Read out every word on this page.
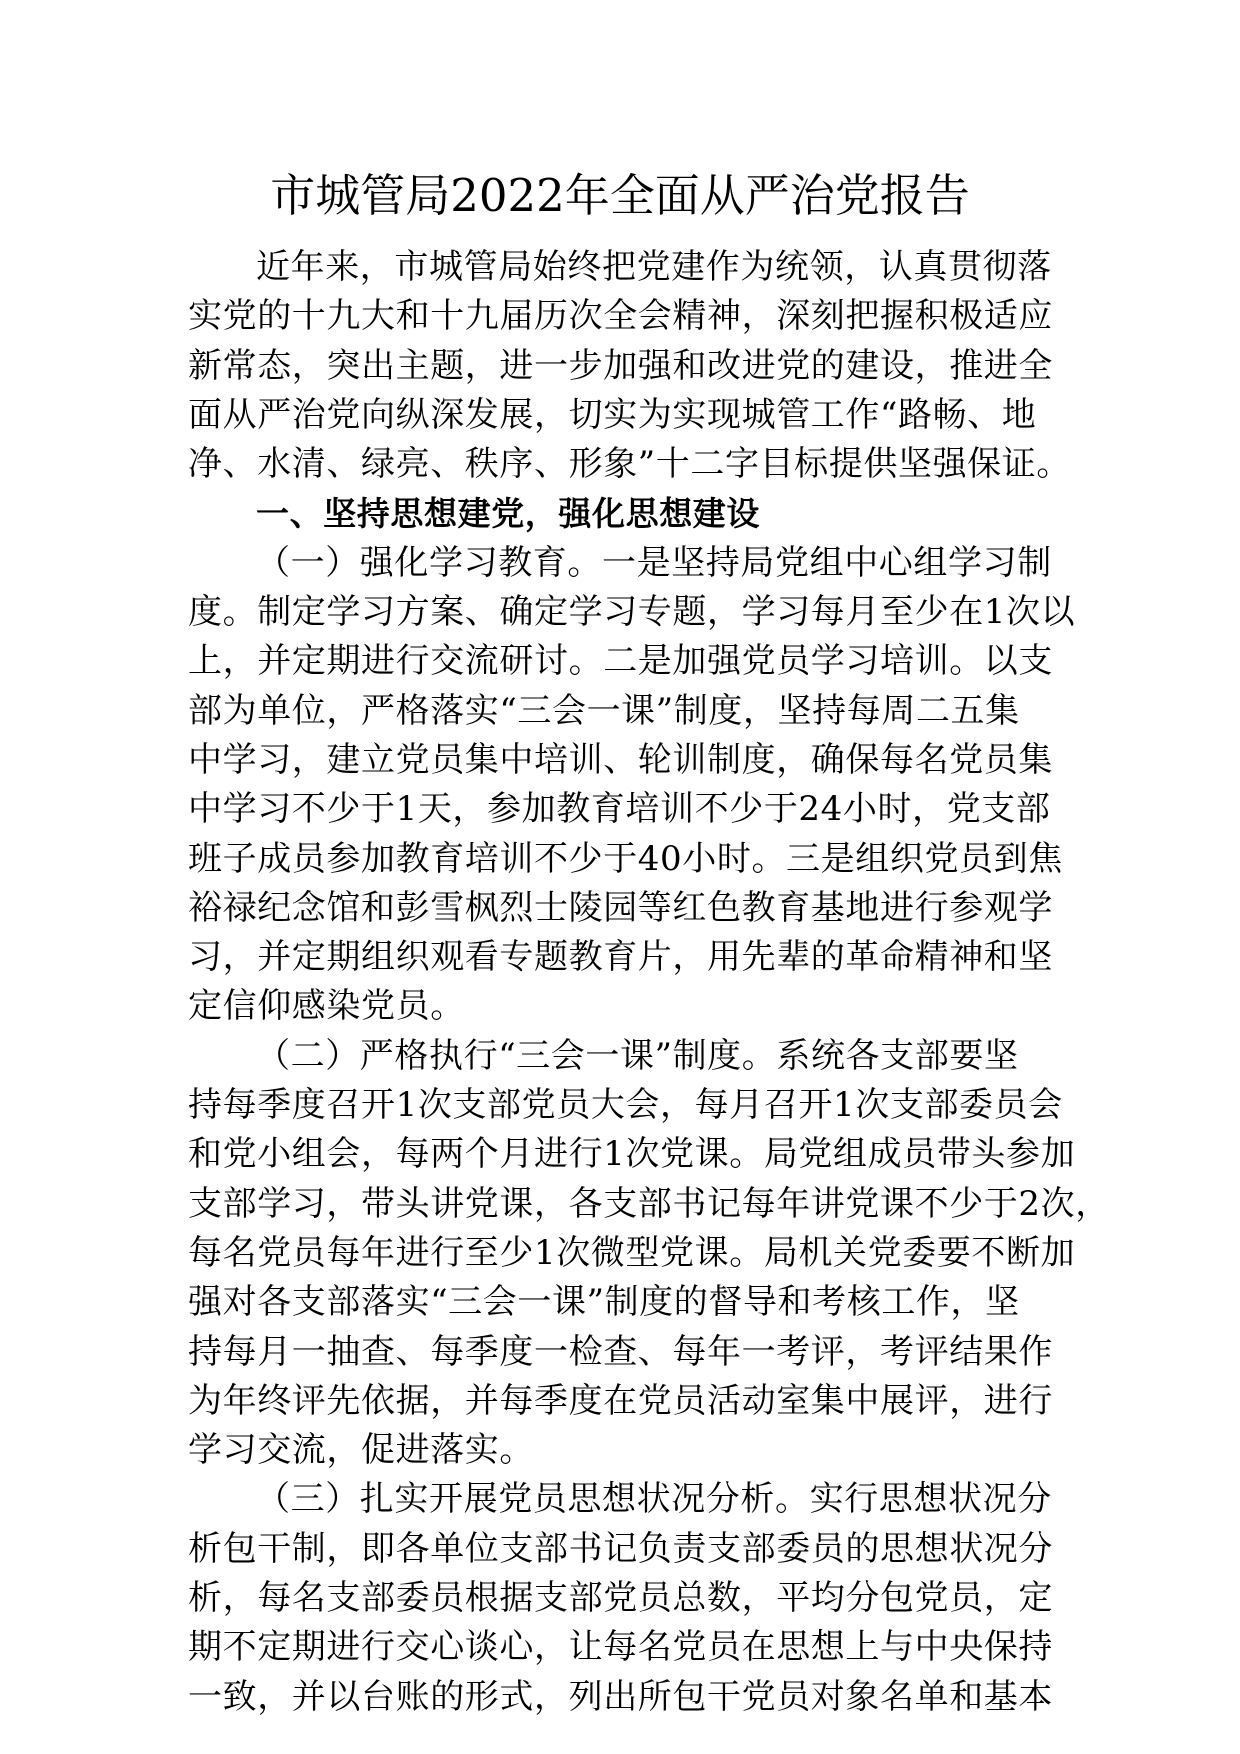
市城管局2022年全面从严治党报告
近年来，市城管局始终把党建作为统领，认真贯彻落
实党的十九大和十九届历次全会精神，深刻把握积极适应
新常态，突出主题，进一步加强和改进党的建设，推进全
面从严治党向纵深发展，切实为实现城管工作“路畅、地
净、水清、绿亮、秩序、形象”十二字目标提供坚强保证。
一、坚持思想建党，强化思想建设
（一）强化学习教育。一是坚持局党组中心组学习制
度。制定学习方案、确定学习专题，学习每月至少在1次以
上，并定期进行交流研讨。二是加强党员学习培训。以支
部为单位，严格落实“三会一课”制度，坚持每周二五集
中学习，建立党员集中培训、轮训制度，确保每名党员集
中学习不少于1天，参加教育培训不少于24小时，党支部
班子成员参加教育培训不少于40小时。三是组织党员到焦
裕禄纪念馆和彭雪枫烈士陵园等红色教育基地进行参观学
习，并定期组织观看专题教育片，用先辈的革命精神和坚
定信仰感染党员。
（二）严格执行“三会一课”制度。系统各支部要坚
持每季度召开1次支部党员大会，每月召开1次支部委员会
和党小组会，每两个月进行1次党课。局党组成员带头参加
支部学习，带头讲党课，各支部书记每年讲党课不少于2次，
每名党员每年进行至少1次微型党课。局机关党委要不断加
强对各支部落实“三会一课”制度的督导和考核工作，坚
持每月一抽查、每季度一检查、每年一考评，考评结果作
为年终评先依据，并每季度在党员活动室集中展评，进行
学习交流，促进落实。
（三）扎实开展党员思想状况分析。实行思想状况分
析包干制，即各单位支部书记负责支部委员的思想状况分
析，每名支部委员根据支部党员总数，平均分包党员，定
期不定期进行交心谈心，让每名党员在思想上与中央保持
一致，并以台账的形式，列出所包干党员对象名单和基本
